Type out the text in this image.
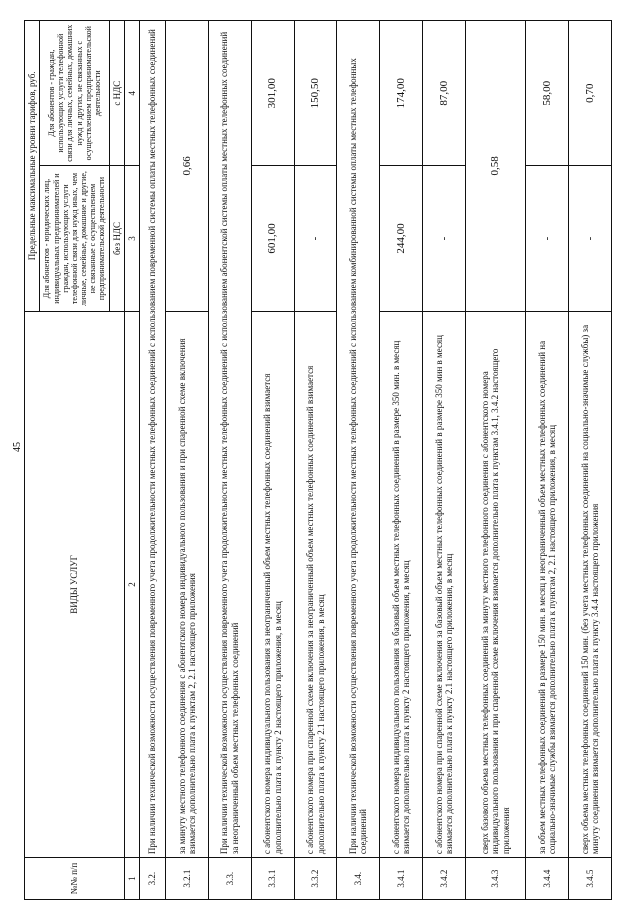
45
№№ п/п	ВИДЫ УСЛУГ	Предельные максимальные уровни тарифов, руб.	
		Для абонентов - юридических лиц, индивидуальных предпринимателей и граждан, использующих услуги телефонной связи для нужд иных, чем личные, семейные, домашние и другие, не связанные с осуществлением предпринимательской деятельности	Для абонентов - граждан, использующих услуги телефонной связи для личных, семейных, домашних нужд и других, не связанных с осуществлением предпринимательской деятельности
		без НДС	с НДС
1	2	3	4
3.2.	При наличии технической возможности осуществления повременного учета продолжительности местных телефонных соединений с использованием повременной системы оплаты местных телефонных соединений		
3.2.1	за минуту местного телефонного соединения с абонентского номера индивидуального пользования и при спаренной схеме включения взимается дополнительно плата к пунктам 2, 2.1 настоящего приложения	0,66	
3.3.	При наличии технической возможности осуществления повременного учета продолжительности местных телефонных соединений с использованием абонентской системы оплаты местных телефонных соединений за неограниченный объем местных телефонных соединений		
3.3.1	с абонентского номера индивидуального пользования за неограниченный объем местных телефонных соединений взимается дополнительно плата к пункту 2 настоящего приложения, в месяц	601,00	301,00
3.3.2	с абонентского номера при спаренной схеме включения за неограниченный объем местных телефонных соединений взимается дополнительно плата к пункту 2.1 настоящего приложения, в месяц	-	150,50
3.4.	При наличии технической возможности осуществления повременного учета продолжительности местных телефонных соединений с использованием комбинированной системы оплаты местных телефонных соединений		
3.4.1	с абонентского номера индивидуального пользования за базовый объем местных телефонных соединений в размере 350 мин. в месяц взимается дополнительно плата к пункту 2 настоящего приложения, в месяц	244,00	174,00
3.4.2	с абонентского номера при спаренной схеме включения за базовый объем местных телефонных соединений в размере 350 мин в месяц взимается дополнительно плата к пункту 2.1 настоящего приложения, в месяц	-	87,00
3.4.3	сверх базового объема местных телефонных соединений за минуту местного телефонного соединения с абонентского номера индивидуального пользования и при спаренной схеме включения взимается дополнительно плата к пунктам 3.4.1, 3.4.2 настоящего приложения	0,58	
3.4.4	за объем местных телефонных соединений в размере 150 мин. в месяц и неограниченный объем местных телефонных соединений на социально-значимые службы взимается дополнительно плата к пунктам 2, 2.1 настоящего приложения, в месяц	-	58,00
3.4.5	сверх объема местных телефонных соединений 150 мин. (без учета местных телефонных соединений на социально-значимые службы) за минуту соединения взимается дополнительно плата к пункту 3.4.4 настоящего приложения	-	0,70
